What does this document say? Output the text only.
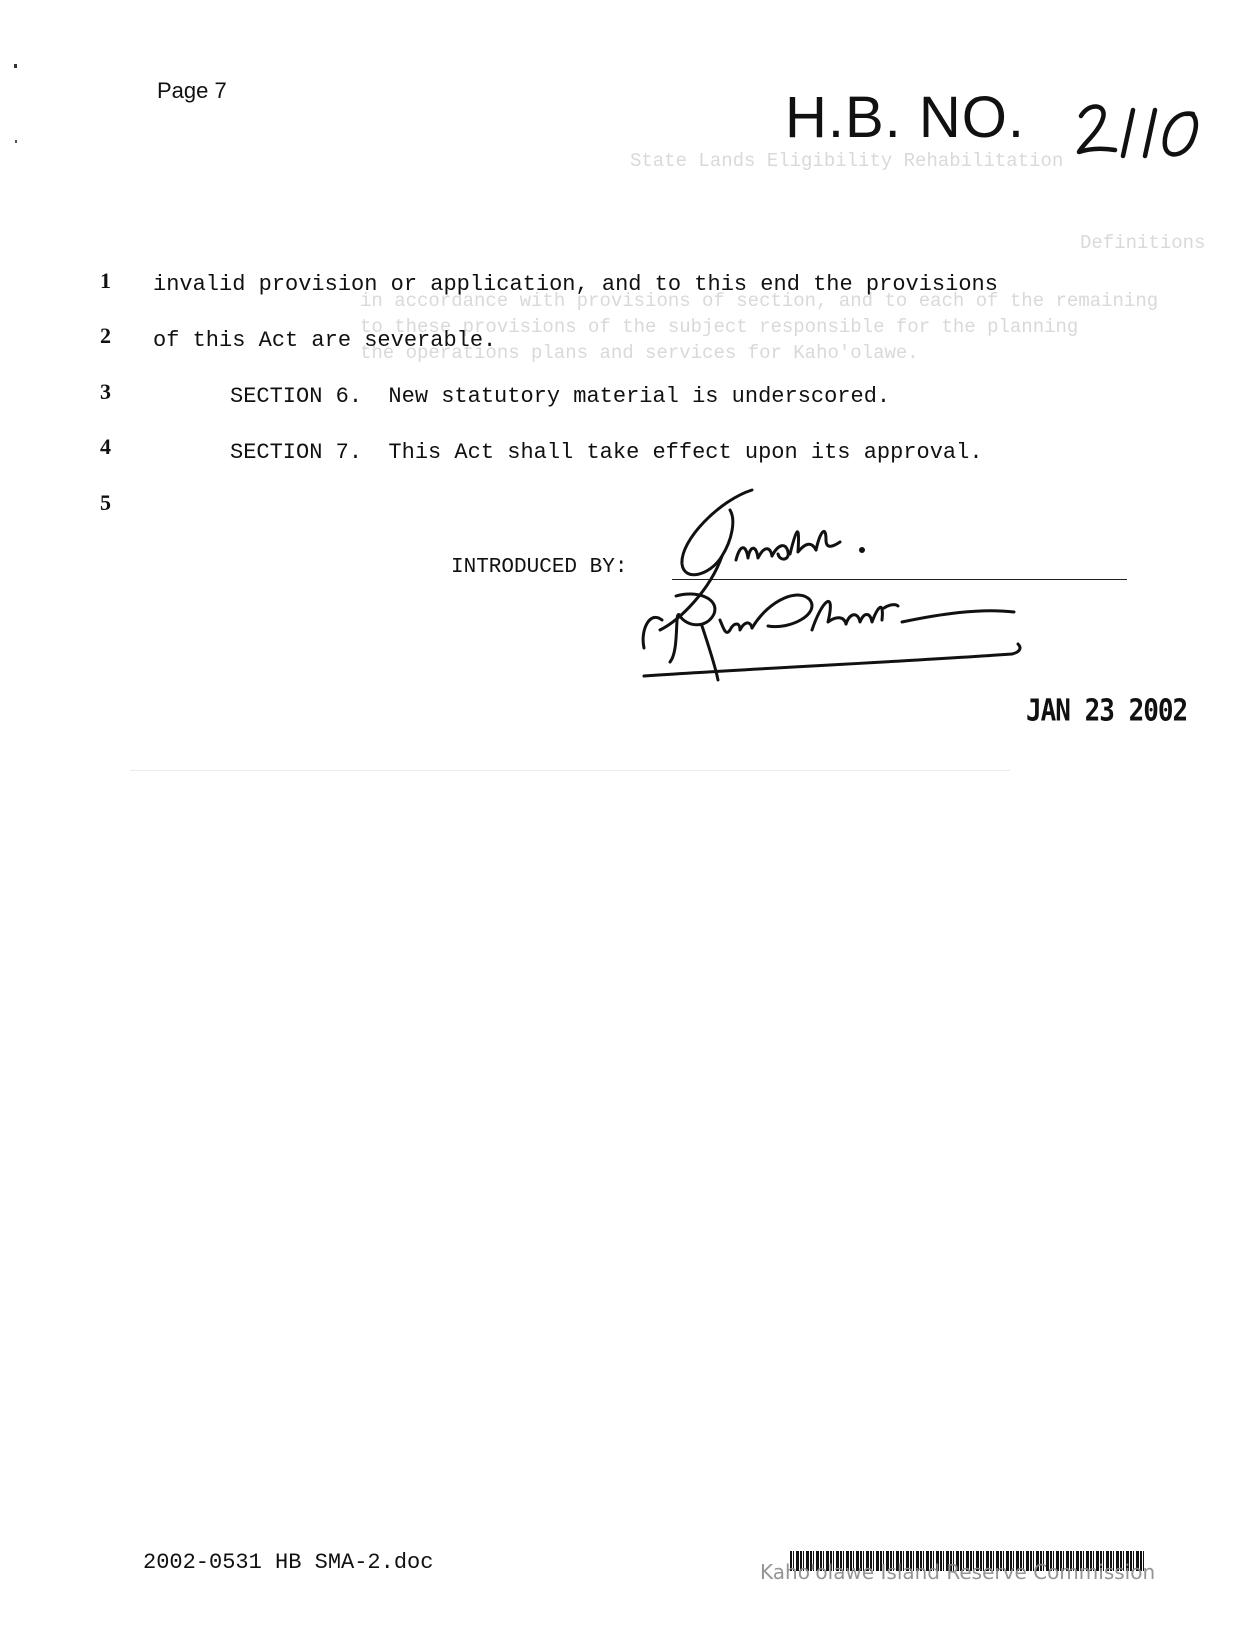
State Lands Eligibility Rehabilitation
Definitions
in accordance with provisions of section, and to each of the remaining
to these provisions of the subject responsible for the planning
the operations plans and services for Kaho'olawe.
Page 7	H.B. NO.
1	invalid provision or application, and to this end the provisions
2	of this Act are severable.
3	SECTION 6.  New statutory material is underscored.
4	SECTION 7.  This Act shall take effect upon its approval.
5
INTRODUCED BY:
JAN 23 2002
2002-0531 HB SMA-2.doc	Kaho'olawe Island Reserve Commission
